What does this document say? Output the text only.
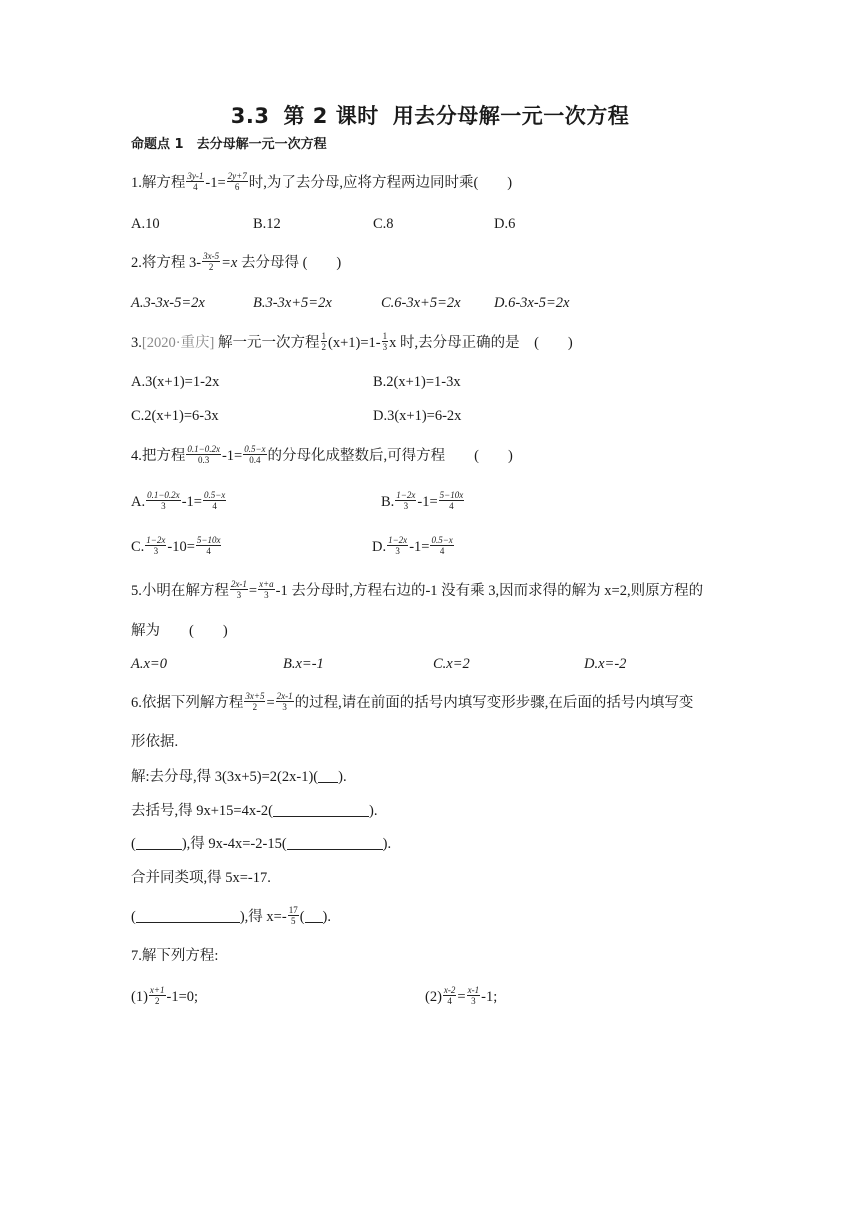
3.3 第 2 课时 用去分母解一元一次方程
命题点 1　去分母解一元一次方程
1.解方程 $\frac{3y-1}{4} -1= \frac{2y+7}{6}$ 时,为了去分母,应将方程两边同时乘(　　)
A.10	B.12	C.8	D.6
2.将方程 $3- \frac{3x-5}{2} =x$ 去分母得 (　　)
A.3-3x-5=2x	B.3-3x+5=2x	C.6-3x+5=2x D.6-3x-5=2x
3.[2020·重庆] 解一元一次方程 $\frac{1}{2} (x+1)=1- \frac{1}{3}$ x 时,去分母正确的是　(　　)
A.3(x+1)=1-2x	B.2(x+1)=1-3x
C.2(x+1)=6-3x	D.3(x+1)=6-2x
4.把方程 $\frac{0.1-0.2x}{0.3} -1= \frac{0.5-x}{0.4}$ 的分母化成整数后,可得方程　　(　　)
A. $\frac{0.1-0.2x}{3} -1= \frac{0.5-x}{4}$	B. $\frac{1-2x}{3} -1= \frac{5-10x}{4}$
C. $\frac{1-2x}{3} -10= \frac{5-10x}{4}$	D. $\frac{1-2x}{3} -1= \frac{0.5-x}{4}$
5.小明在解方程 $\frac{2x-1}{3} = \frac{x+a}{3} -1$ 去分母时,方程右边的-1 没有乘 3,因而求得的解为 x=2,则原方程的
解为　　(　　)
A.x=0	B.x=-1	C.x=2	D.x=-2
6.依据下列解方程 $\frac{3x+5}{2} = \frac{2x-1}{3}$ 的过程,请在前面的括号内填写变形步骤,在后面的括号内填写变
形依据.
解:去分母,得 3(3x+5)=2(2x-1)( ).
去括号,得 9x+15=4x-2(	).
(	),得 9x-4x=-2-15(	).
合并同类项,得 5x=-17.
(	),得 $x=- \frac{17}{5}$ ( ).
7.解下列方程:
$(1) \frac{x+1}{2} -1=0$;	$(2) \frac{x-2}{4} = \frac{x-1}{3} -1$;
